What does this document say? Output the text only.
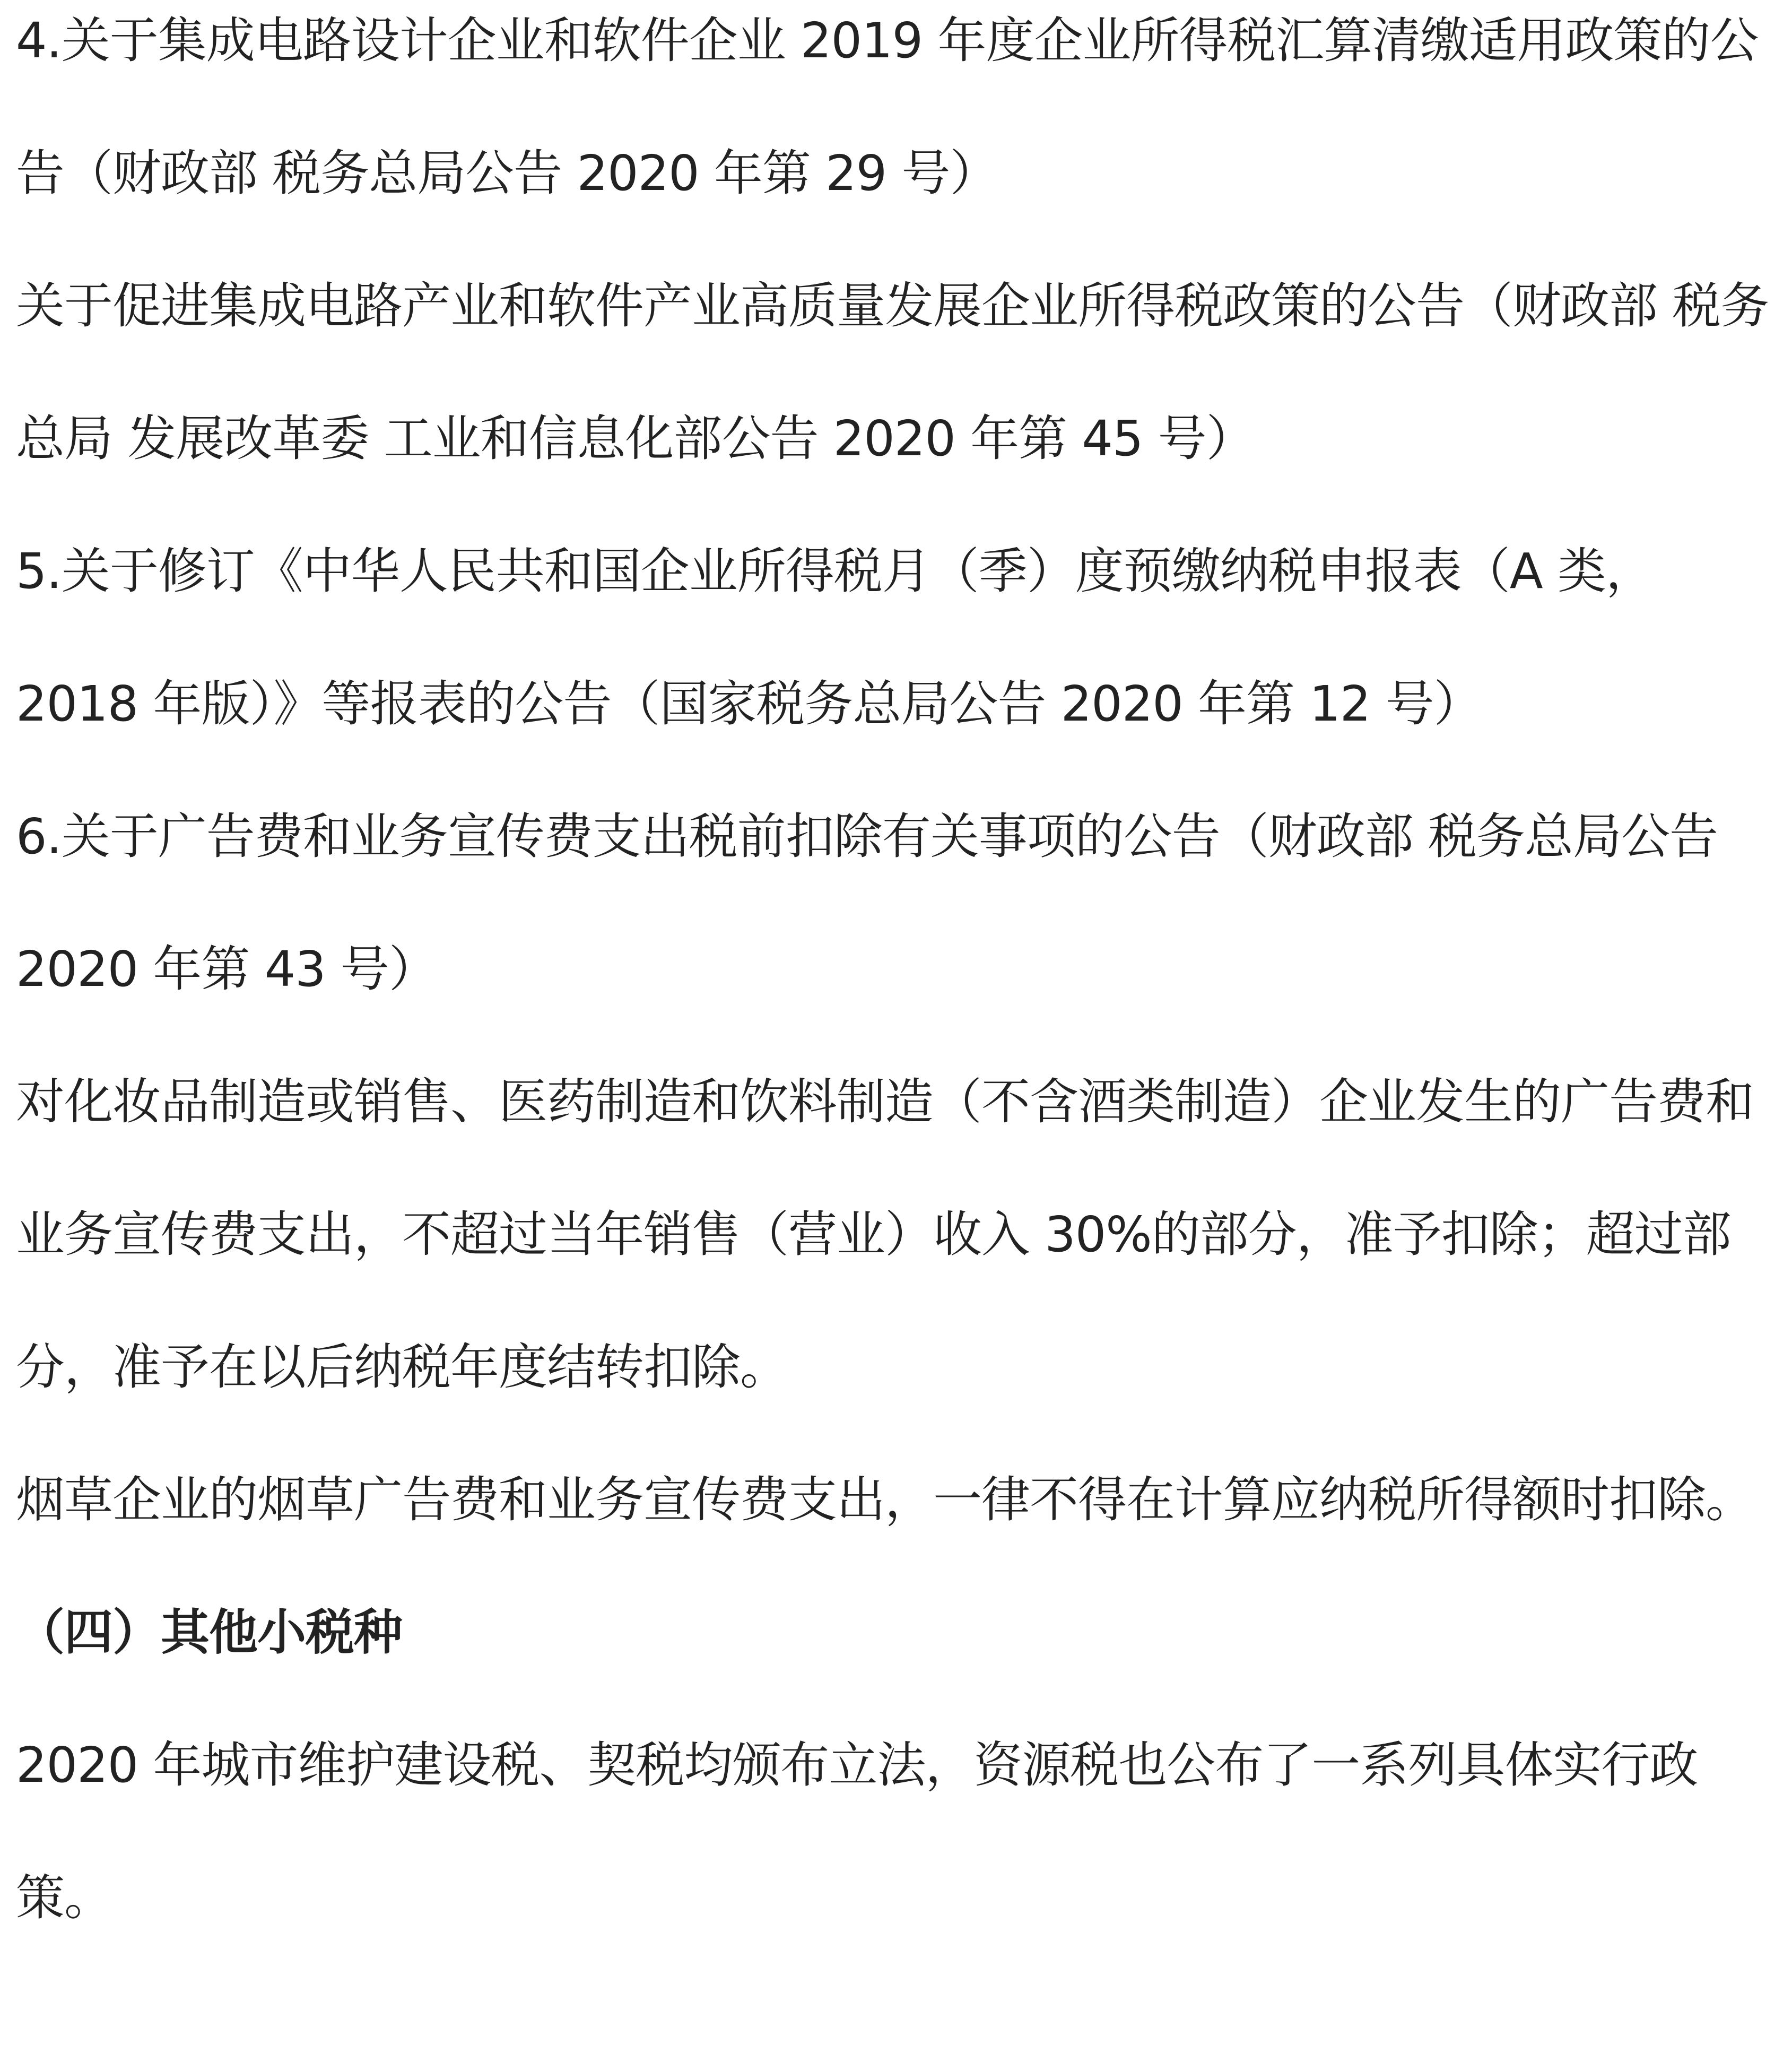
4.关于集成电路设计企业和软件企业 2019 年度企业所得税汇算清缴适用政策的公告（财政部 税务总局公告 2020 年第 29 号）

关于促进集成电路产业和软件产业高质量发展企业所得税政策的公告（财政部 税务总局 发展改革委 工业和信息化部公告 2020 年第 45 号）

5.关于修订《中华人民共和国企业所得税月（季）度预缴纳税申报表（A 类，2018 年版）》等报表的公告（国家税务总局公告 2020 年第 12 号）

6.关于广告费和业务宣传费支出税前扣除有关事项的公告（财政部 税务总局公告 2020 年第 43 号）

对化妆品制造或销售、医药制造和饮料制造（不含酒类制造）企业发生的广告费和业务宣传费支出，不超过当年销售（营业）收入 30%的部分，准予扣除；超过部分，准予在以后纳税年度结转扣除。

烟草企业的烟草广告费和业务宣传费支出，一律不得在计算应纳税所得额时扣除。

（四）其他小税种

2020 年城市维护建设税、契税均颁布立法，资源税也公布了一系列具体实行政策。
